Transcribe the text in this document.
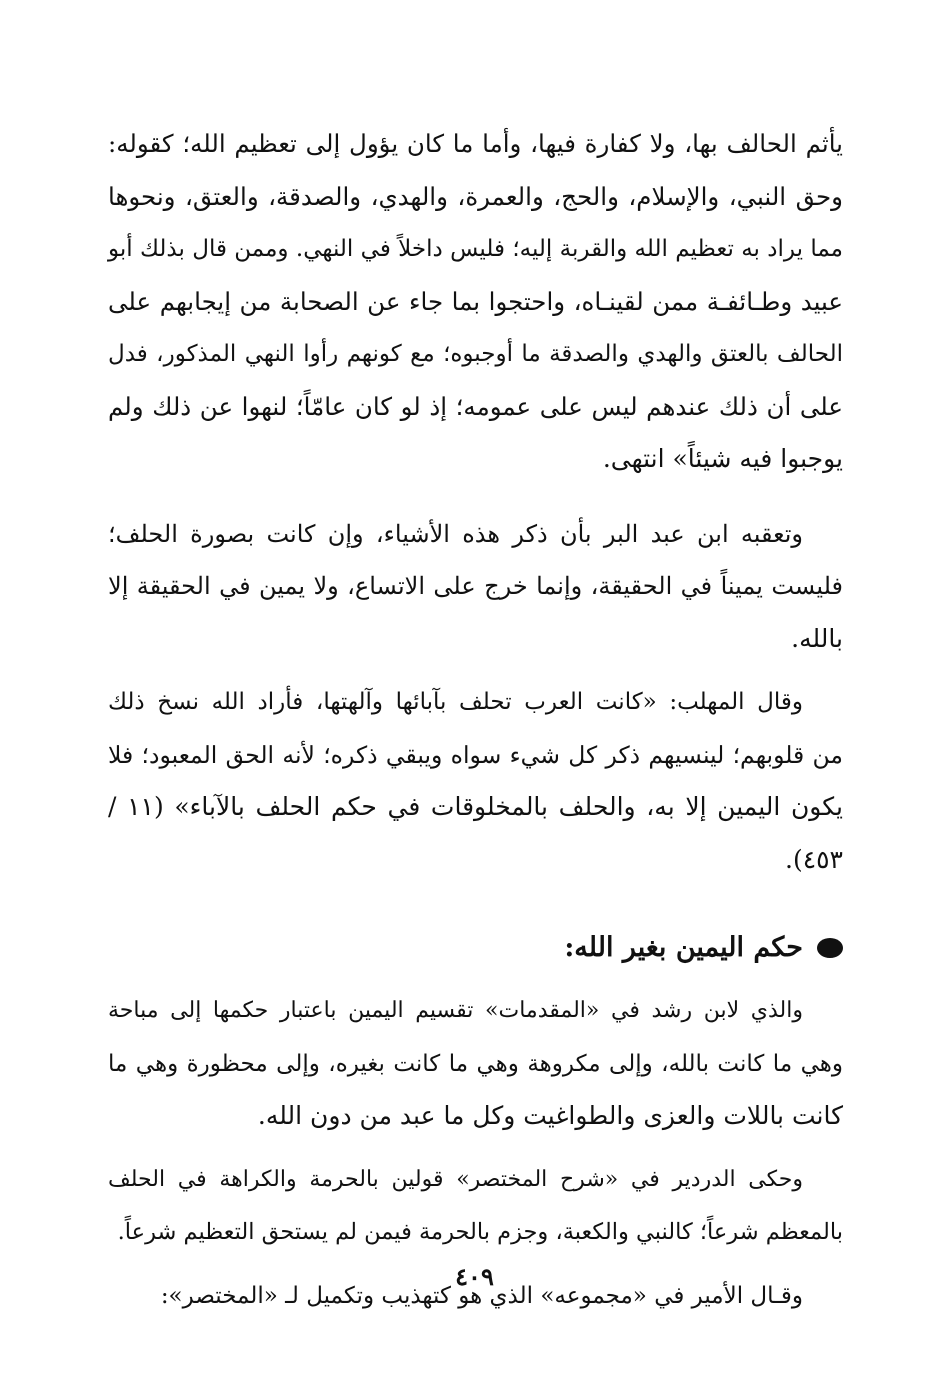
يأثم الحالف بها، ولا كفارة فيها، وأما ما كان يؤول إلى تعظيم الله؛ كقوله:
وحق النبي، والإسلام، والحج، والعمرة، والهدي، والصدقة، والعتق، ونحوها
مما يراد به تعظيم الله والقربة إليه؛ فليس داخلاً في النهي. وممن قال بذلك أبو
عبيد وطـائفـة ممن لقينـاه، واحتجوا بما جاء عن الصحابة من إيجابهم على
الحالف بالعتق والهدي والصدقة ما أوجبوه؛ مع كونهم رأوا النهي المذكور، فدل
على أن ذلك عندهم ليس على عمومه؛ إذ لو كان عامّاً؛ لنهوا عن ذلك ولم
يوجبوا فيه شيئاً» انتهى.

وتعقبه ابن عبد البر بأن ذكر هذه الأشياء، وإن كانت بصورة الحلف؛
فليست يميناً في الحقيقة، وإنما خرج على الاتساع، ولا يمين في الحقيقة إلا
بالله.

وقال المهلب: «كانت العرب تحلف بآبائها وآلهتها، فأراد الله نسخ ذلك
من قلوبهم؛ لينسيهم ذكر كل شيء سواه ويبقي ذكره؛ لأنه الحق المعبود؛ فلا
يكون اليمين إلا به، والحلف بالمخلوقات في حكم الحلف بالآباء» (١١ /
٤٥٣).

حكم اليمين بغير الله:

والذي لابن رشد في «المقدمات» تقسيم اليمين باعتبار حكمها إلى مباحة
وهي ما كانت بالله، وإلى مكروهة وهي ما كانت بغيره، وإلى محظورة وهي ما
كانت باللات والعزى والطواغيت وكل ما عبد من دون الله.

وحكى الدردير في «شرح المختصر» قولين بالحرمة والكراهة في الحلف
بالمعظم شرعاً؛ كالنبي والكعبة، وجزم بالحرمة فيمن لم يستحق التعظيم شرعاً.

وقـال الأمير في «مجموعه» الذي هو كتهذيب وتكميل لـ «المختصر»:

٤٠٩
